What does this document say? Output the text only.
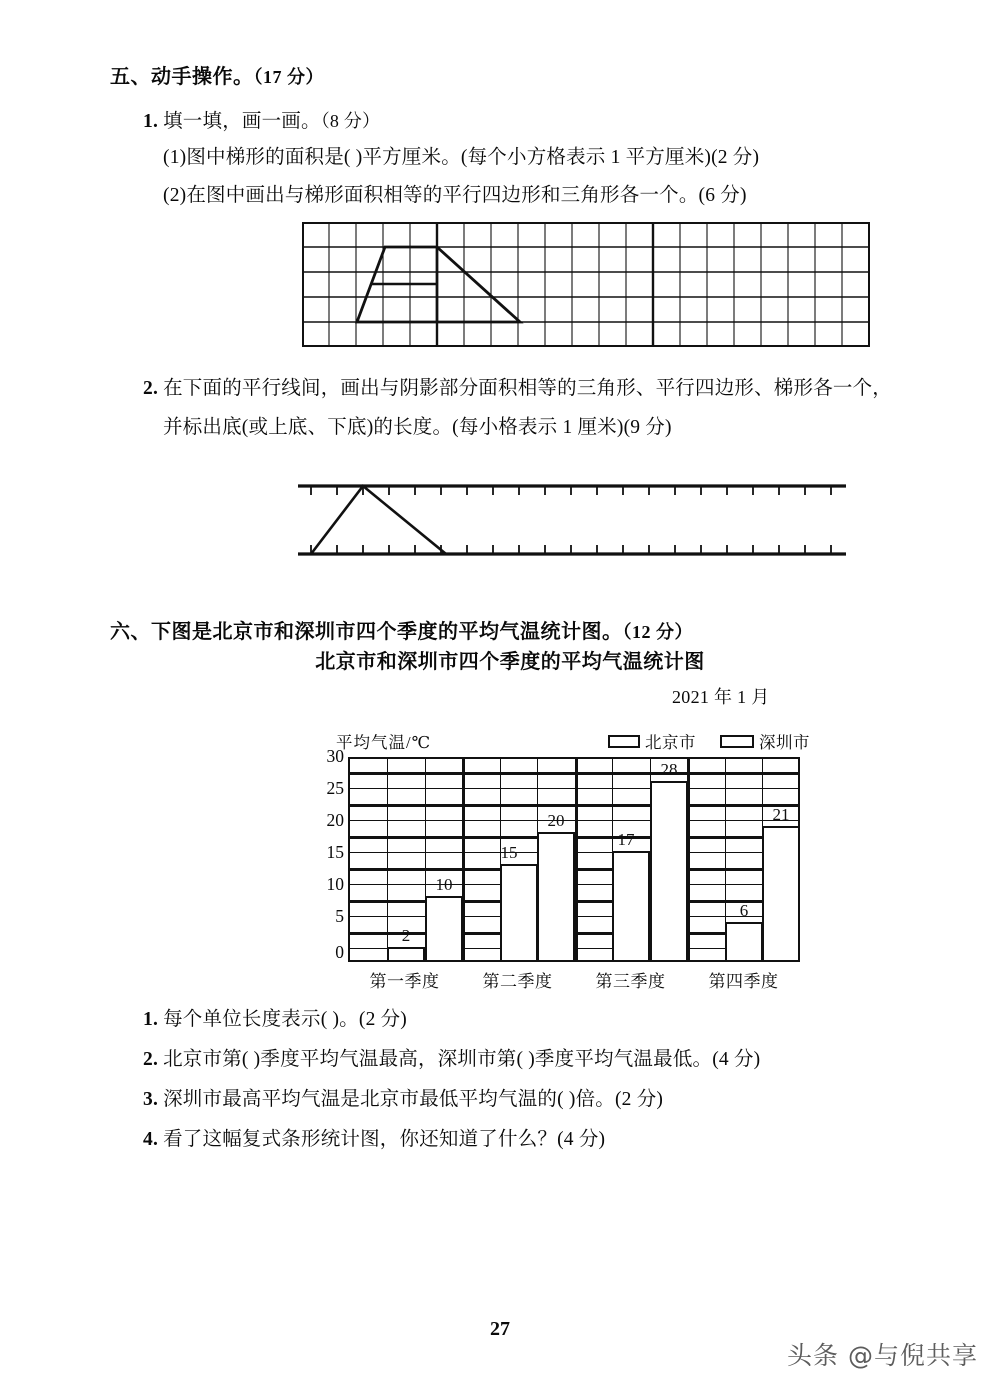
五、动手操作。（17 分）
1. 填一填，画一画。（8 分）
(1)图中梯形的面积是( )平方厘米。(每个小方格表示 1 平方厘米)(2 分)
(2)在图中画出与梯形面积相等的平行四边形和三角形各一个。(6 分)
2. 在下面的平行线间，画出与阴影部分面积相等的三角形、平行四边形、梯形各一个，
并标出底(或上底、下底)的长度。(每小格表示 1 厘米)(9 分)
六、下图是北京市和深圳市四个季度的平均气温统计图。（12 分）
北京市和深圳市四个季度的平均气温统计图
2021 年 1 月
平均气温/℃	北京市	深圳市
30
25
20
15
10
5
0
2
10
15
20
17
28
6
21
第一季度	第二季度	第三季度	第四季度
1. 每个单位长度表示( )。(2 分)
2. 北京市第( )季度平均气温最高，深圳市第( )季度平均气温最低。(4 分)
3. 深圳市最高平均气温是北京市最低平均气温的( )倍。(2 分)
4. 看了这幅复式条形统计图，你还知道了什么？(4 分)
27
头条 @与倪共享
